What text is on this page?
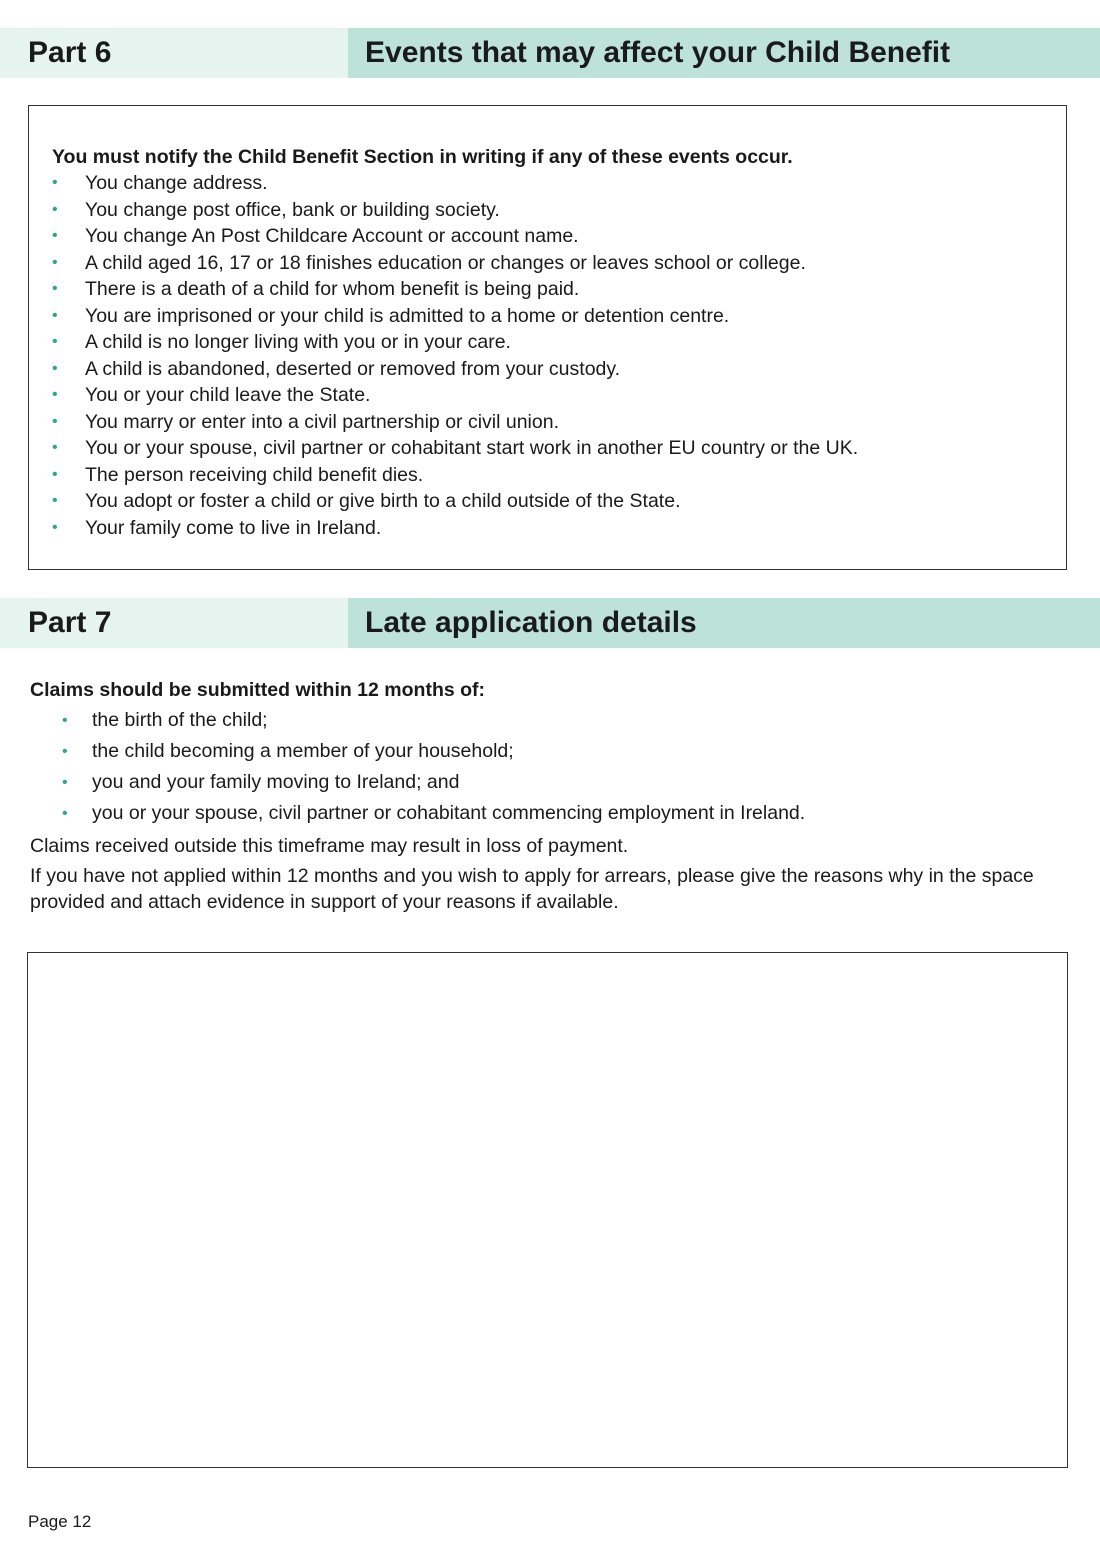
Part 6	Events that may affect your Child Benefit

You must notify the Child Benefit Section in writing if any of these events occur.

• You change address.
• You change post office, bank or building society.
• You change An Post Childcare Account or account name.
• A child aged 16, 17 or 18 finishes education or changes or leaves school or college.
• There is a death of a child for whom benefit is being paid.
• You are imprisoned or your child is admitted to a home or detention centre.
• A child is no longer living with you or in your care.
• A child is abandoned, deserted or removed from your custody.
• You or your child leave the State.
• You marry or enter into a civil partnership or civil union.
• You or your spouse, civil partner or cohabitant start work in another EU country or the UK.
• The person receiving child benefit dies.
• You adopt or foster a child or give birth to a child outside of the State.
• Your family come to live in Ireland.
Part 7	Late application details

Claims should be submitted within 12 months of:

• the birth of the child;
• the child becoming a member of your household;
• you and your family moving to Ireland; and
• you or your spouse, civil partner or cohabitant commencing employment in Ireland.

Claims received outside this timeframe may result in loss of payment.

If you have not applied within 12 months and you wish to apply for arrears, please give the reasons why in the space provided and attach evidence in support of your reasons if available.

Page 12
